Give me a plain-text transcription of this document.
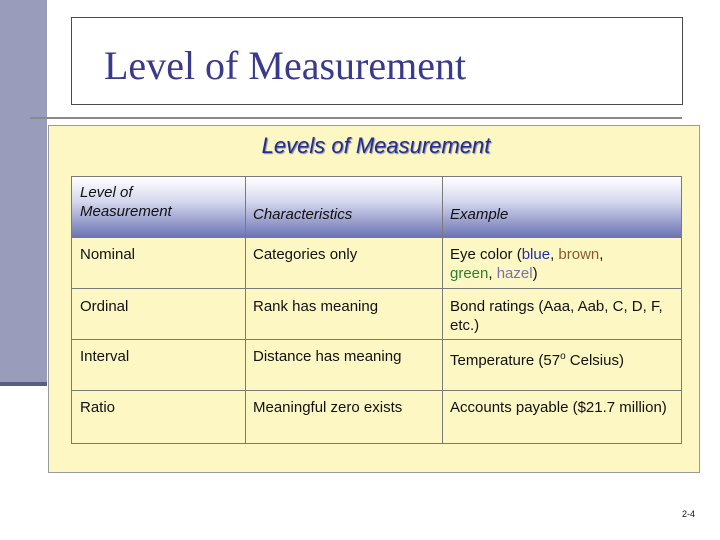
Level of Measurement
Levels of Measurement
Level of
Measurement	Characteristics	Example
Nominal	Categories only	Eye color (blue, brown,
green, hazel)
Ordinal	Rank has meaning	Bond ratings (Aaa, Aab, C, D, F, etc.)
Interval	Distance has meaning	Temperature (57$^o$ Celsius)
Ratio	Meaningful zero exists	Accounts payable ($21.7 million)
2-4
